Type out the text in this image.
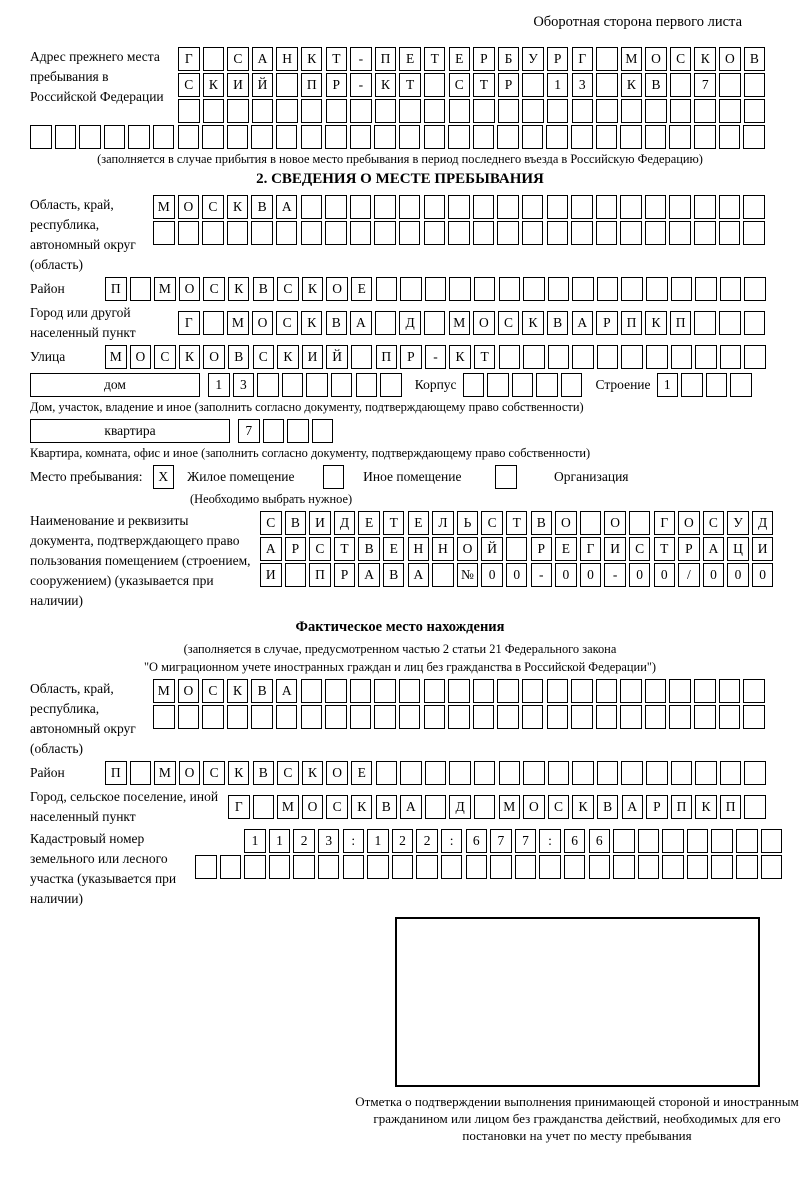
Оборотная сторона первого листа
Адрес прежнего места пребывания в Российской Федерации
Г	С	А	Н	К	Т	-	П	Е	Т	Е	Р	Б	У	Р	Г	М	О	С	К	О	В
С	К	И	Й	П	Р	-	К	Т	С	Т	Р	1	3	К	В	7
(заполняется в случае прибытия в новое место пребывания в период последнего въезда в Российскую Федерацию)
2. СВЕДЕНИЯ О МЕСТЕ ПРЕБЫВАНИЯ
Область, край, республика, автономный округ (область)
М	О	С	К	В	А
Район	П	М	О	С	К	В	С	К	О	Е
Город или другой населенный пункт
Г	М	О	С	К	В	А	Д	М	О	С	К	В	А	Р	П	К	П
Улица	М	О	С	К	О	В	С	К	И	Й	П	Р	-	К	Т
дом	1	3	Корпус	Строение 1
Дом, участок, владение и иное (заполнить согласно документу, подтверждающему право собственности)
квартира	7
Квартира, комната, офис и иное (заполнить согласно документу, подтверждающему право собственности)
Место пребывания:	X	Жилое помещение	Иное помещение	Организация
(Необходимо выбрать нужное)
Наименование и реквизиты документа, подтверждающего право пользования помещением (строением, сооружением) (указывается при наличии)
С	В	И	Д	Е	Т	Е	Л	Ь	С	Т	В	О	О	Г	О	С	У	Д
А	Р	С	Т	В	Е	Н	Н	О	Й	Р	Е	Г	И	С	Т	Р	А	Ц	И
И	П	Р	А	В	А	№	0	0	-	0	0	-	0	0	/	0	0	0
Фактическое место нахождения
(заполняется в случае, предусмотренном частью 2 статьи 21 Федерального закона
"О миграционном учете иностранных граждан и лиц без гражданства в Российской Федерации")
Область, край, республика, автономный округ (область)
М	О	С	К	В	А
Район	П	М	О	С	К	В	С	К	О	Е
Город, сельское поселение, иной населенный пункт
Г	М	О	С	К	В	А	Д	М	О	С	К	В	А	Р	П	К	П
Кадастровый номер земельного или лесного участка (указывается при наличии)
1	1	2	3	:	1	2	2	:	6	7	7	:	6	6
Отметка о подтверждении выполнения принимающей стороной и иностранным гражданином или лицом без гражданства действий, необходимых для его постановки на учет по месту пребывания
